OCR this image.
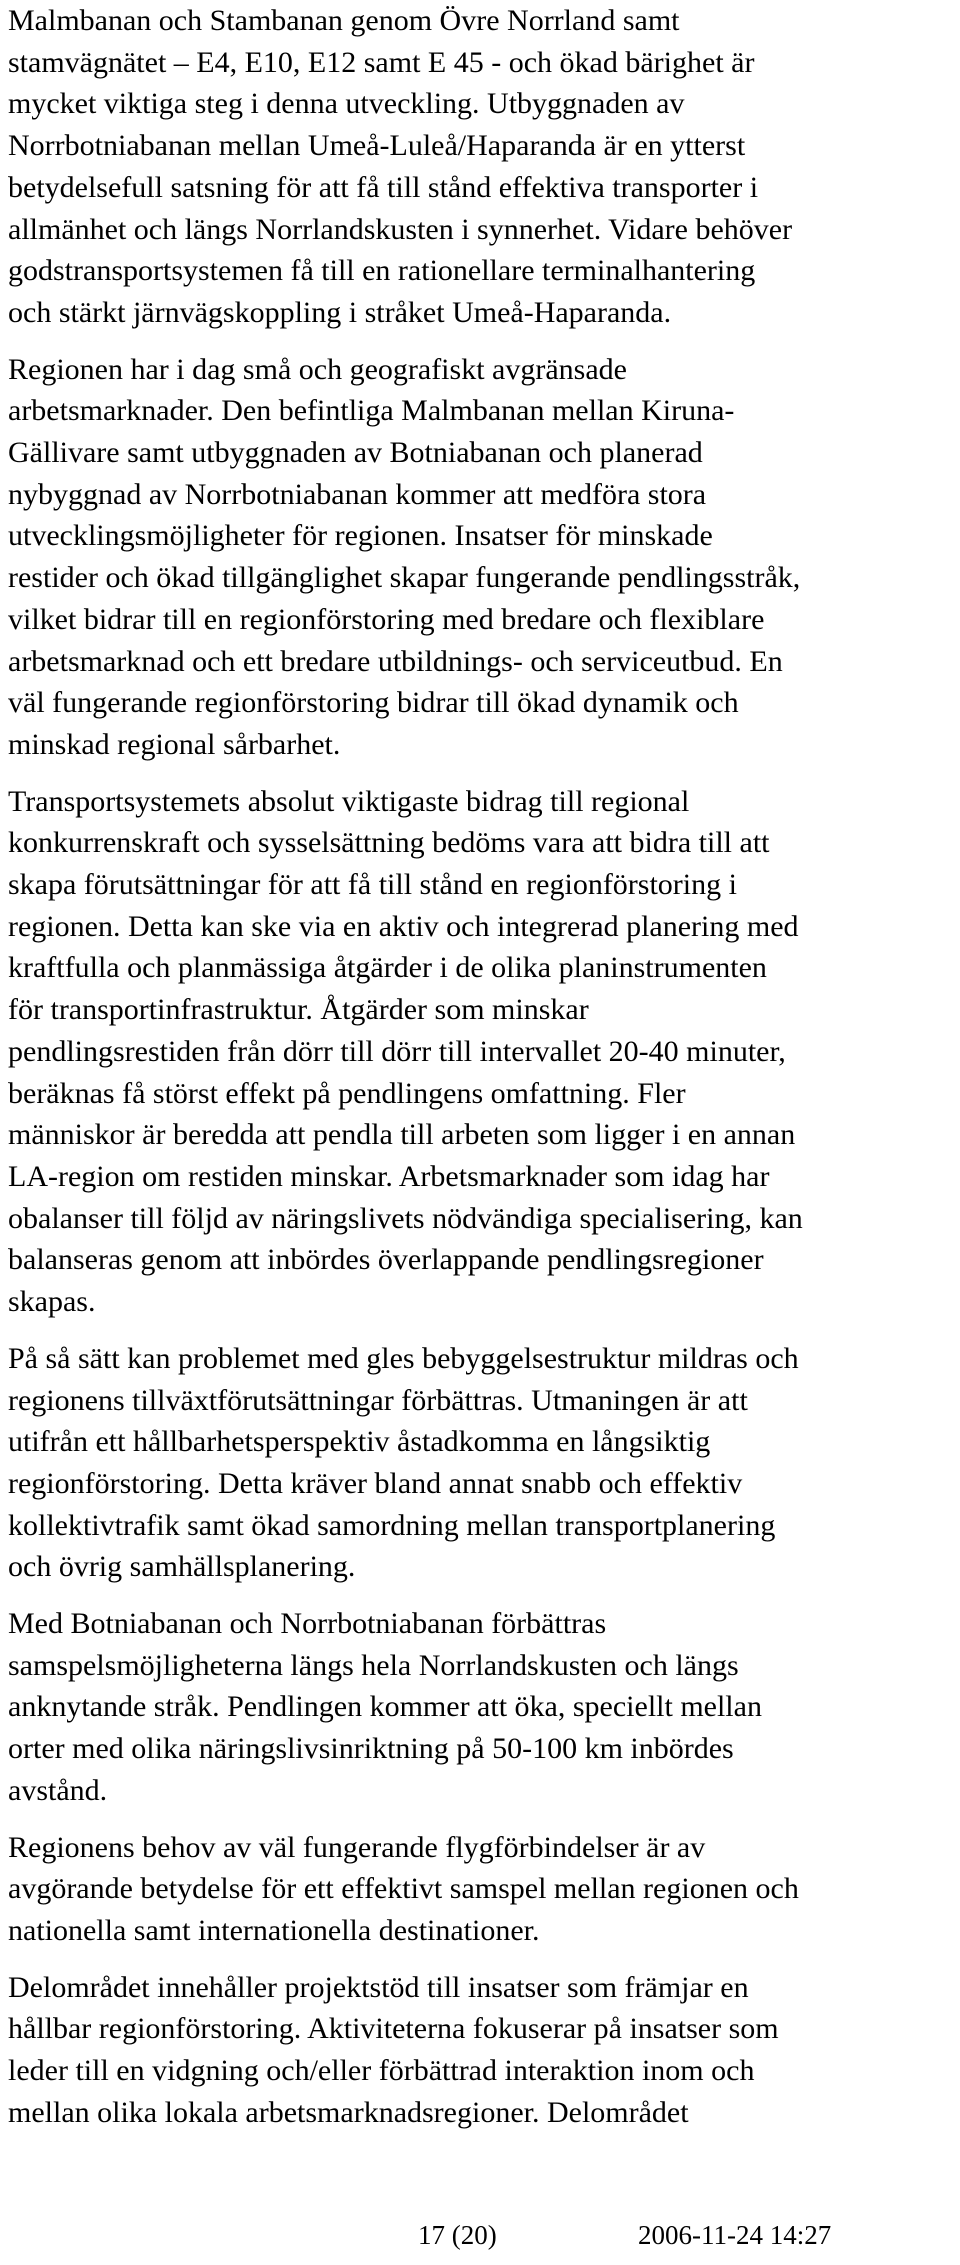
Malmbanan och Stambanan genom Övre Norrland samt
stamvägnätet – E4, E10, E12 samt E 45 - och ökad bärighet är
mycket viktiga steg i denna utveckling. Utbyggnaden av
Norrbotniabanan mellan Umeå-Luleå/Haparanda är en ytterst
betydelsefull satsning för att få till stånd effektiva transporter i
allmänhet och längs Norrlandskusten i synnerhet. Vidare behöver
godstransportsystemen få till en rationellare terminalhantering
och stärkt järnvägskoppling i stråket Umeå-Haparanda.

Regionen har i dag små och geografiskt avgränsade
arbetsmarknader. Den befintliga Malmbanan mellan Kiruna-
Gällivare samt utbyggnaden av Botniabanan och planerad
nybyggnad av Norrbotniabanan kommer att medföra stora
utvecklingsmöjligheter för regionen. Insatser för minskade
restider och ökad tillgänglighet skapar fungerande pendlingsstråk,
vilket bidrar till en regionförstoring med bredare och flexiblare
arbetsmarknad och ett bredare utbildnings- och serviceutbud. En
väl fungerande regionförstoring bidrar till ökad dynamik och
minskad regional sårbarhet.

Transportsystemets absolut viktigaste bidrag till regional
konkurrenskraft och sysselsättning bedöms vara att bidra till att
skapa förutsättningar för att få till stånd en regionförstoring i
regionen. Detta kan ske via en aktiv och integrerad planering med
kraftfulla och planmässiga åtgärder i de olika planinstrumenten
för transportinfrastruktur. Åtgärder som minskar
pendlingsrestiden från dörr till dörr till intervallet 20-40 minuter,
beräknas få störst effekt på pendlingens omfattning. Fler
människor är beredda att pendla till arbeten som ligger i en annan
LA-region om restiden minskar. Arbetsmarknader som idag har
obalanser till följd av näringslivets nödvändiga specialisering, kan
balanseras genom att inbördes överlappande pendlingsregioner
skapas.

På så sätt kan problemet med gles bebyggelsestruktur mildras och
regionens tillväxtförutsättningar förbättras. Utmaningen är att
utifrån ett hållbarhetsperspektiv åstadkomma en långsiktig
regionförstoring. Detta kräver bland annat snabb och effektiv
kollektivtrafik samt ökad samordning mellan transportplanering
och övrig samhällsplanering.

Med Botniabanan och Norrbotniabanan förbättras
samspelsmöjligheterna längs hela Norrlandskusten och längs
anknytande stråk. Pendlingen kommer att öka, speciellt mellan
orter med olika näringslivsinriktning på 50-100 km inbördes
avstånd.

Regionens behov av väl fungerande flygförbindelser är av
avgörande betydelse för ett effektivt samspel mellan regionen och
nationella samt internationella destinationer.

Delområdet innehåller projektstöd till insatser som främjar en
hållbar regionförstoring. Aktiviteterna fokuserar på insatser som
leder till en vidgning och/eller förbättrad interaktion inom och
mellan olika lokala arbetsmarknadsregioner. Delområdet

17 (20)	2006-11-24 14:27
